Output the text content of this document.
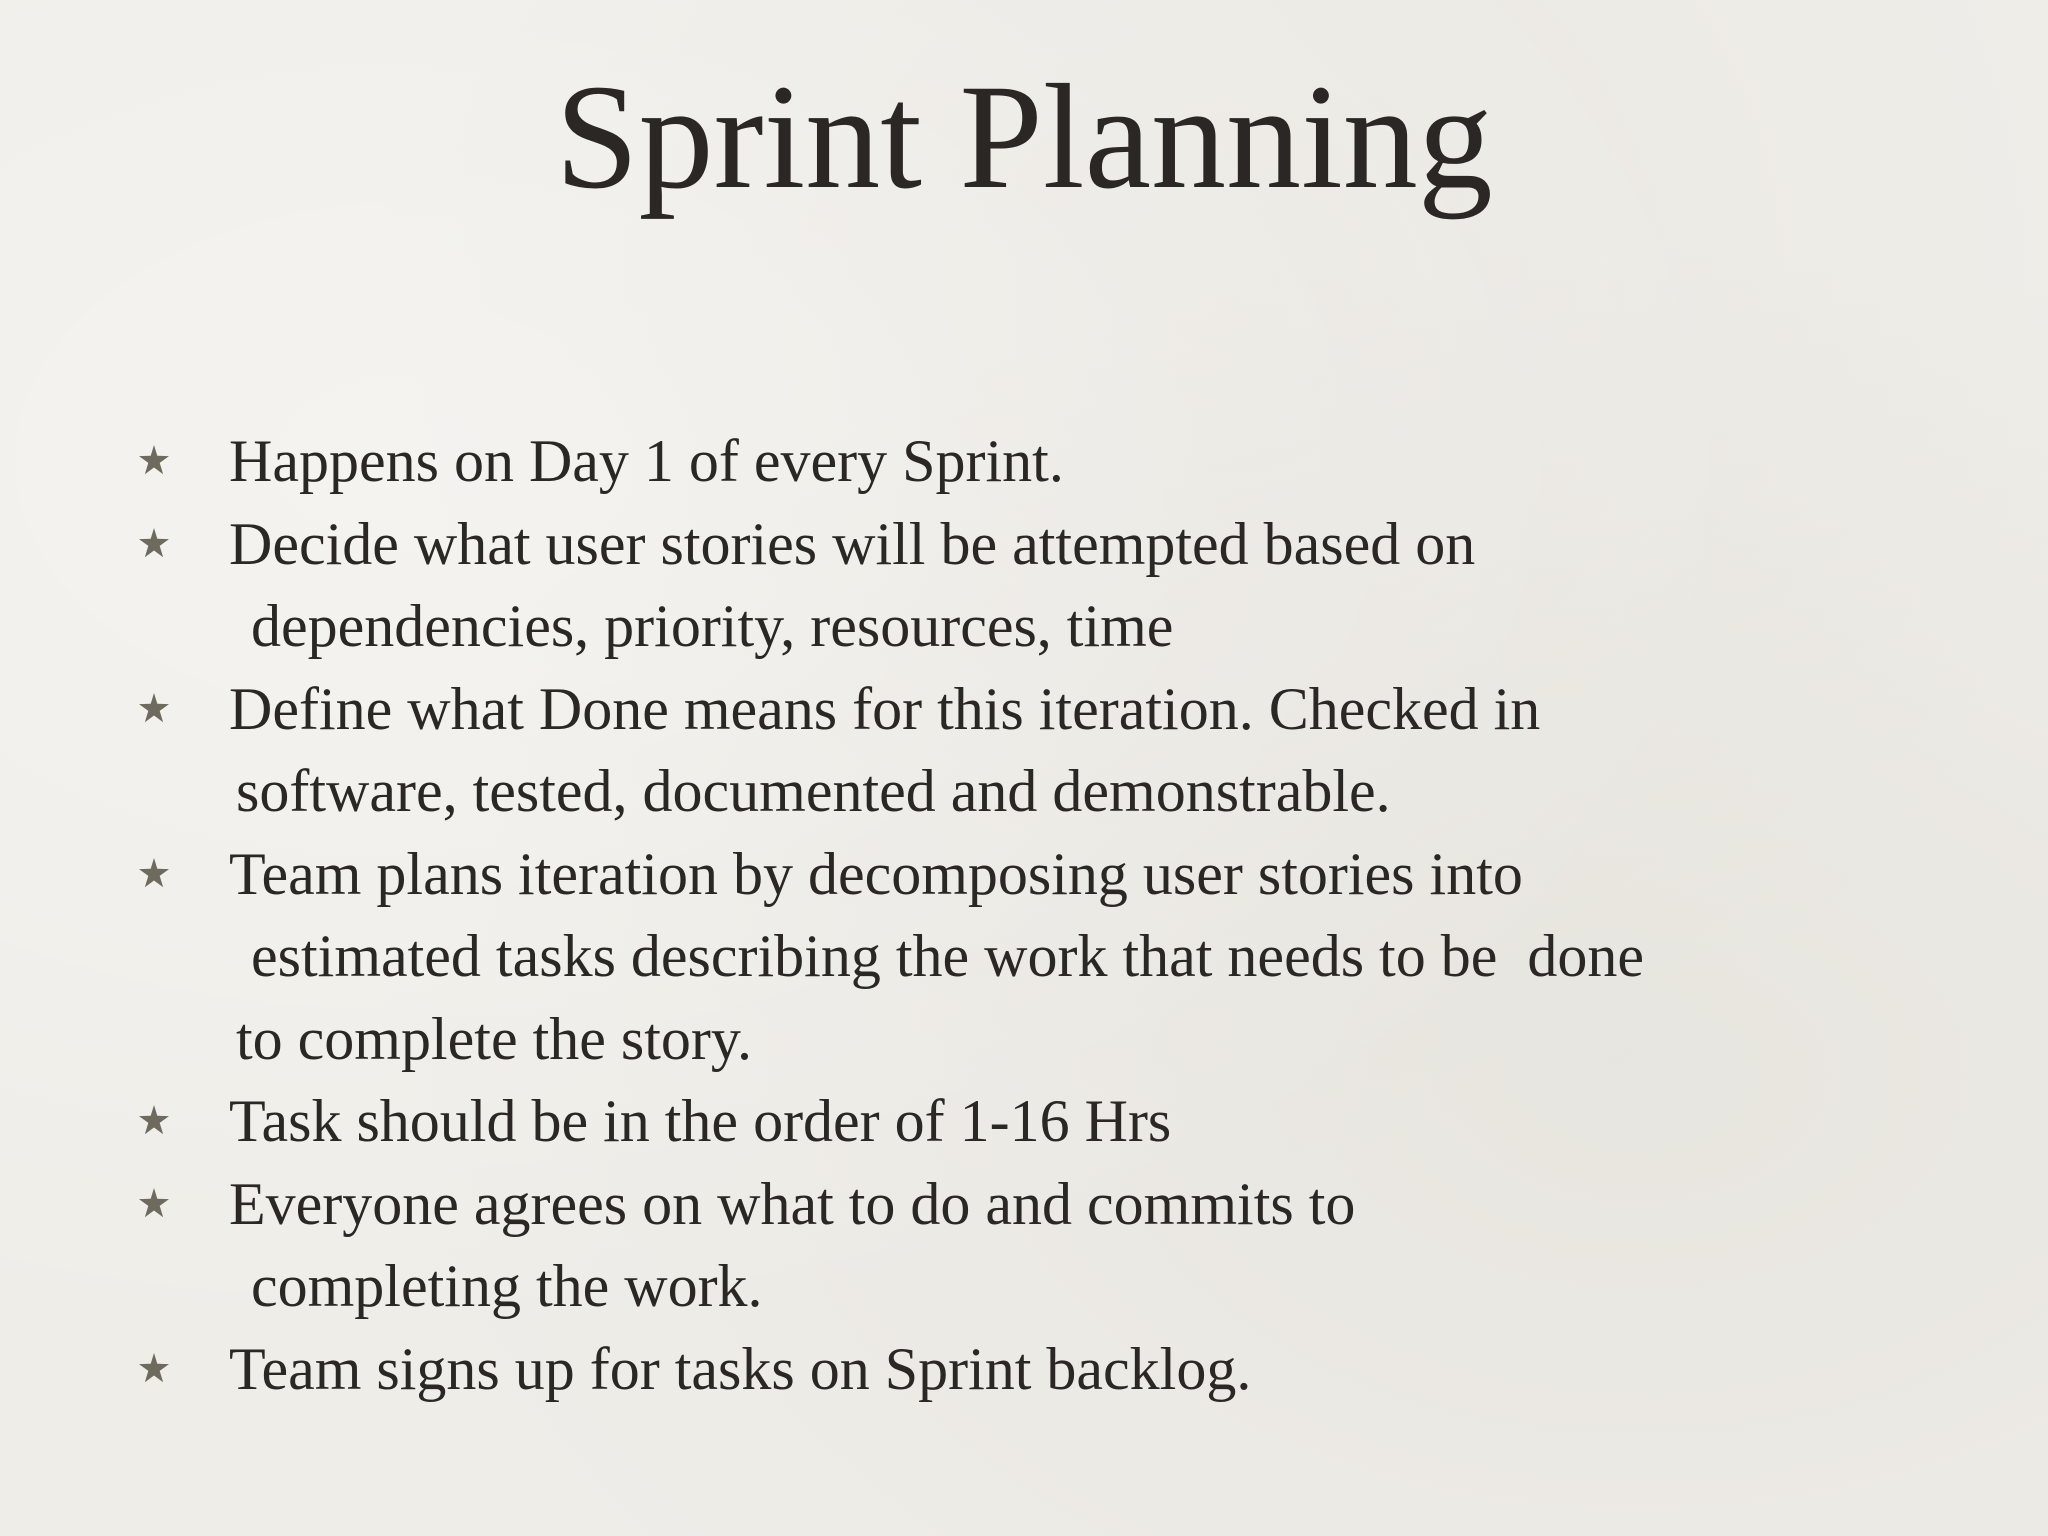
Sprint Planning
Happens on Day 1 of every Sprint.
Decide what user stories will be attempted based on
dependencies, priority, resources, time
Define what Done means for this iteration. Checked in
software, tested, documented and demonstrable.
Team plans iteration by decomposing user stories into
estimated tasks describing the work that needs to be  done
to complete the story.
Task should be in the order of 1-16 Hrs
Everyone agrees on what to do and commits to
completing the work.
Team signs up for tasks on Sprint backlog.
